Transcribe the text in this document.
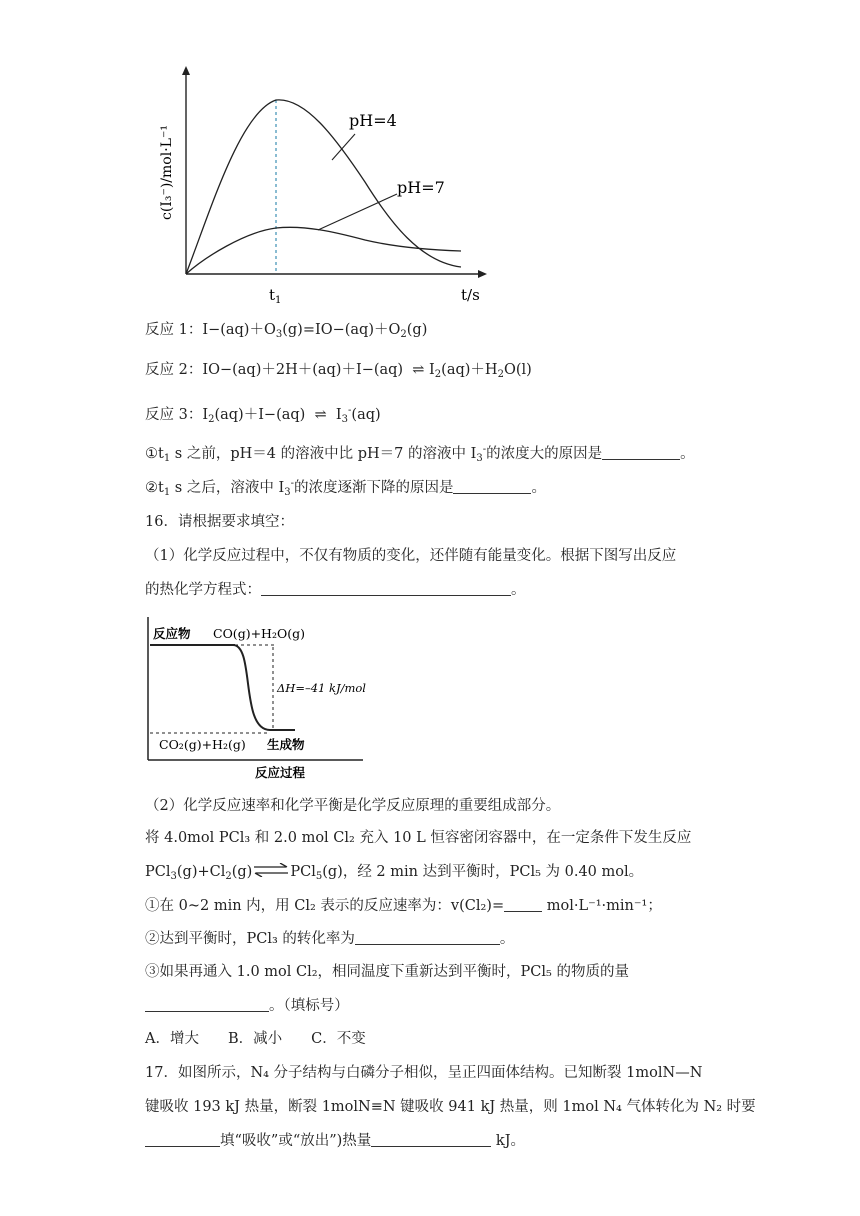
pH=4
pH=7
$t_1$	t/s
c(I₃⁻)/mol·L⁻¹
反应 1：$I-(aq)+O_3(g)=IO-(aq)+O_2(g)$
反应 2：IO−(aq)＋2H＋(aq)＋I−(aq)  ⇌ $I_2(aq)+H_2O(l)$
反应 3：$I_2(aq)+I-(aq)$  ⇌  $I_3^-(aq)$
$①t_1$ s 之前，pH＝4 的溶液中比 pH＝7 的溶液中 $I_3^-$的浓度大的原因是	。
$②t_1$ s 之后，溶液中 $I_3^-$的浓度逐渐下降的原因是	。
16．请根据要求填空：
（1）化学反应过程中，不仅有物质的变化，还伴随有能量变化。根据下图写出反应
的热化学方程式：	。
反应物 CO(g)+H₂O(g)
ΔH=–41 kJ/mol
CO₂(g)+H₂(g) 生成物
反应过程
（2）化学反应速率和化学平衡是化学反应原理的重要组成部分。
将 4.0mol PCl₃ 和 2.0 mol Cl₂ 充入 10 L 恒容密闭容器中，在一定条件下发生反应
$PCl_3(g)+Cl_2(g)\rightleftharpoons PCl_5(g)$，经 2 min 达到平衡时，PCl₅ 为 0.40 mol。
①在 0~2 min 内，用 Cl₂ 表示的反应速率为：v(Cl₂)=	mol·L⁻¹·min⁻¹；
②达到平衡时，PCl₃ 的转化率为	。
③如果再通入 1.0 mol Cl₂，相同温度下重新达到平衡时，PCl₅ 的物质的量
。（填标号）
A．增大　　B．减小　　C．不变
17．如图所示，N₄ 分子结构与白磷分子相似，呈正四面体结构。已知断裂 1molN—N
键吸收 193 kJ 热量，断裂 1molN≡N 键吸收 941 kJ 热量，则 1mol N₄ 气体转化为 N₂ 时要
填“吸收”或“放出”)热量	kJ。
